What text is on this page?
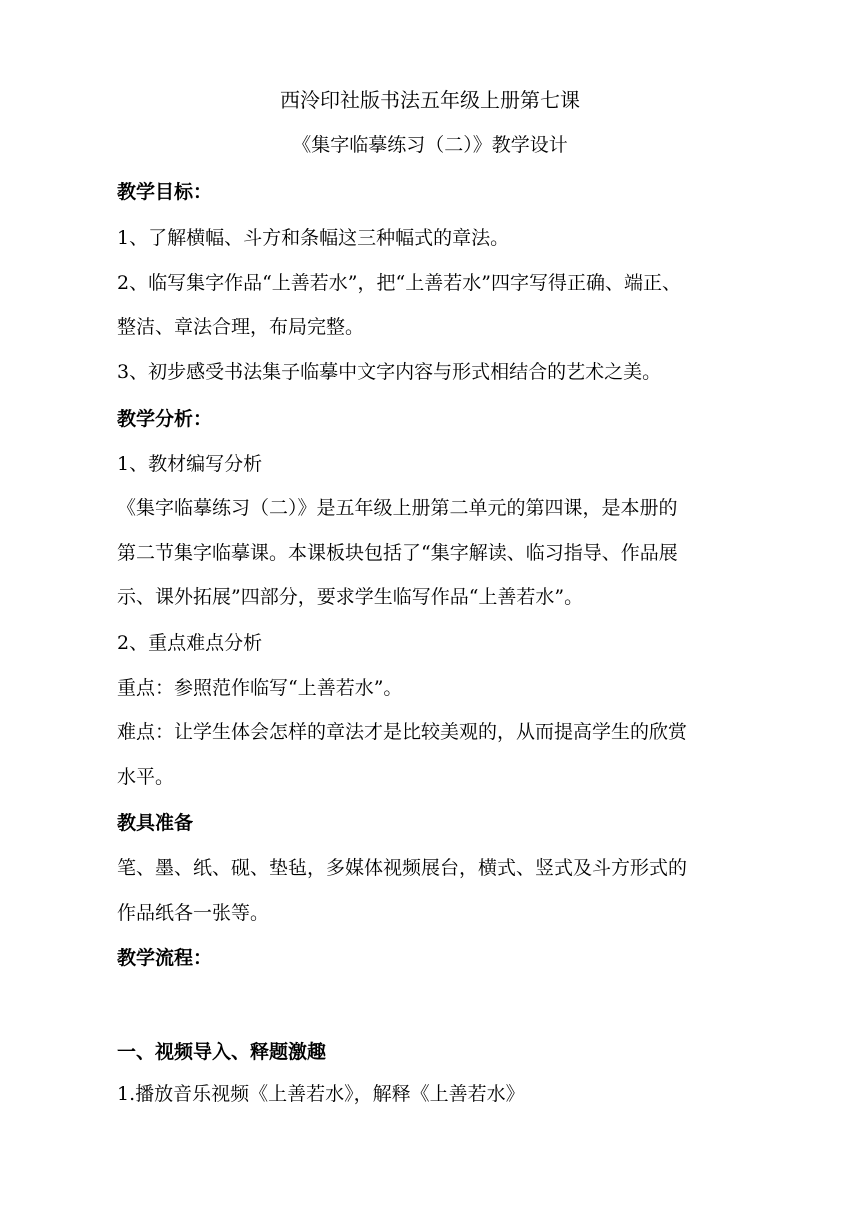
西泠印社版书法五年级上册第七课
《集字临摹练习（二）》教学设计
教学目标：
1、了解横幅、斗方和条幅这三种幅式的章法。
2、临写集字作品“上善若水”，把“上善若水”四字写得正确、端正、
整洁、章法合理，布局完整。
3、初步感受书法集子临摹中文字内容与形式相结合的艺术之美。
教学分析：
1、教材编写分析
《集字临摹练习（二）》是五年级上册第二单元的第四课，是本册的
第二节集字临摹课。本课板块包括了“集字解读、临习指导、作品展
示、课外拓展”四部分，要求学生临写作品“上善若水”。
2、重点难点分析
重点：参照范作临写“上善若水”。
难点：让学生体会怎样的章法才是比较美观的，从而提高学生的欣赏
水平。
教具准备
笔、墨、纸、砚、垫毡，多媒体视频展台，横式、竖式及斗方形式的
作品纸各一张等。
教学流程：
一、视频导入、释题激趣
1.播放音乐视频《上善若水》，解释《上善若水》
